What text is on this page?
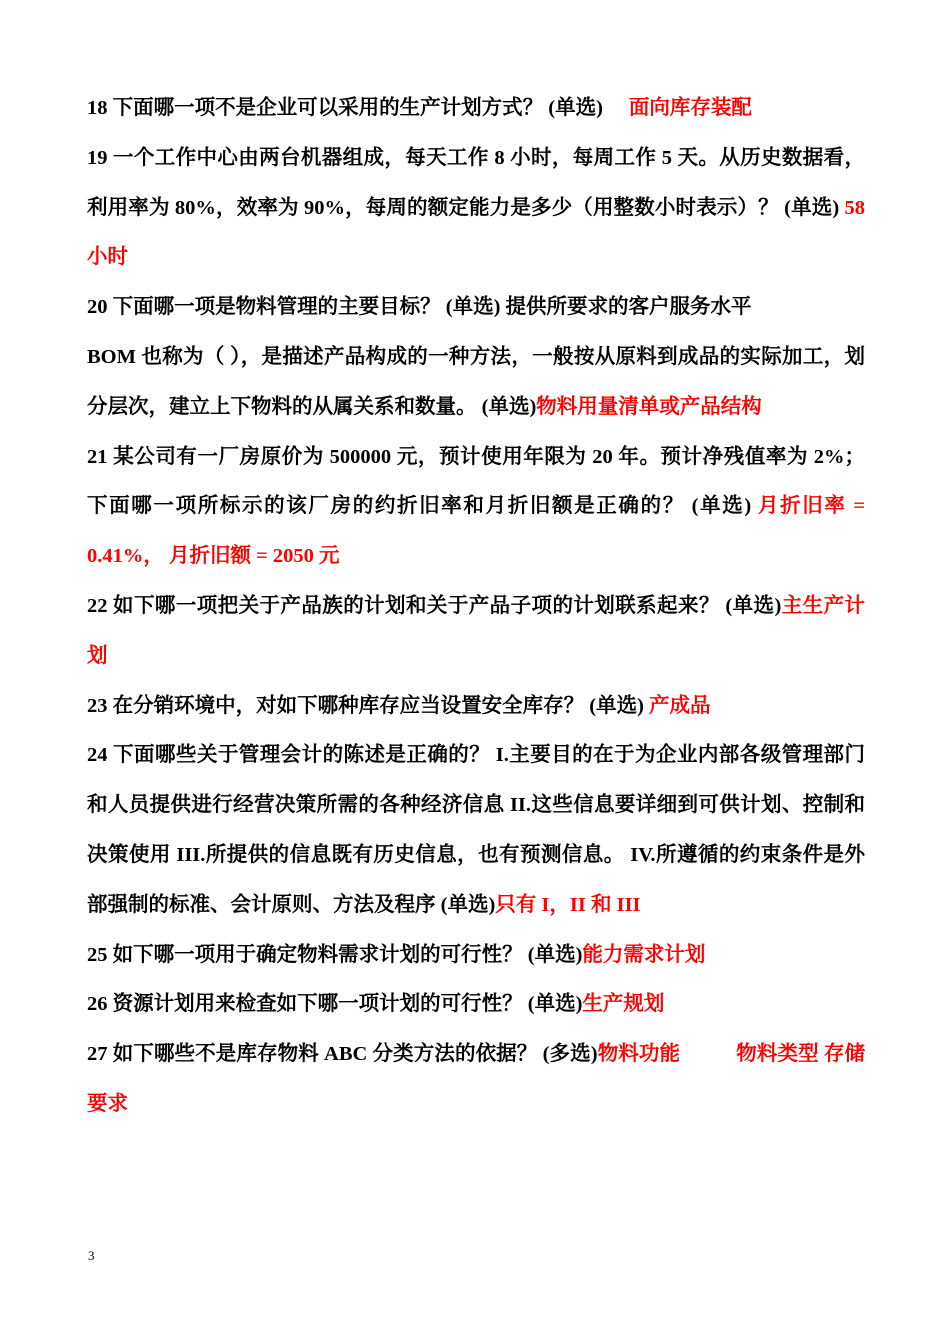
18 下面哪一项不是企业可以采用的生产计划方式？ (单选) 面向库存装配

19 一个工作中心由两台机器组成，每天工作 8 小时，每周工作 5 天。从历史数据看，利用率为 80%，效率为 90%，每周的额定能力是多少（用整数小时表示）？ (单选) 58 小时

20 下面哪一项是物料管理的主要目标？ (单选) 提供所要求的客户服务水平

BOM 也称为（ ），是描述产品构成的一种方法，一般按从原料到成品的实际加工，划分层次，建立上下物料的从属关系和数量。 (单选)物料用量清单或产品结构

21 某公司有一厂房原价为 500000 元，预计使用年限为 20 年。预计净残值率为 2%；下面哪一项所标示的该厂房的约折旧率和月折旧额是正确的？ (单选) 月折旧率 = 0.41%， 月折旧额 = 2050 元

22 如下哪一项把关于产品族的计划和关于产品子项的计划联系起来？ (单选)主生产计划

23 在分销环境中，对如下哪种库存应当设置安全库存？ (单选) 产成品

24 下面哪些关于管理会计的陈述是正确的？ I.主要目的在于为企业内部各级管理部门和人员提供进行经营决策所需的各种经济信息 II.这些信息要详细到可供计划、控制和决策使用 III.所提供的信息既有历史信息，也有预测信息。 IV.所遵循的约束条件是外部强制的标准、会计原则、方法及程序 (单选)只有 I，II 和 III

25 如下哪一项用于确定物料需求计划的可行性？ (单选)能力需求计划

26 资源计划用来检查如下哪一项计划的可行性？ (单选)生产规划

27 如下哪些不是库存物料 ABC 分类方法的依据？ (多选)物料功能	物料类型 存储要求

3
